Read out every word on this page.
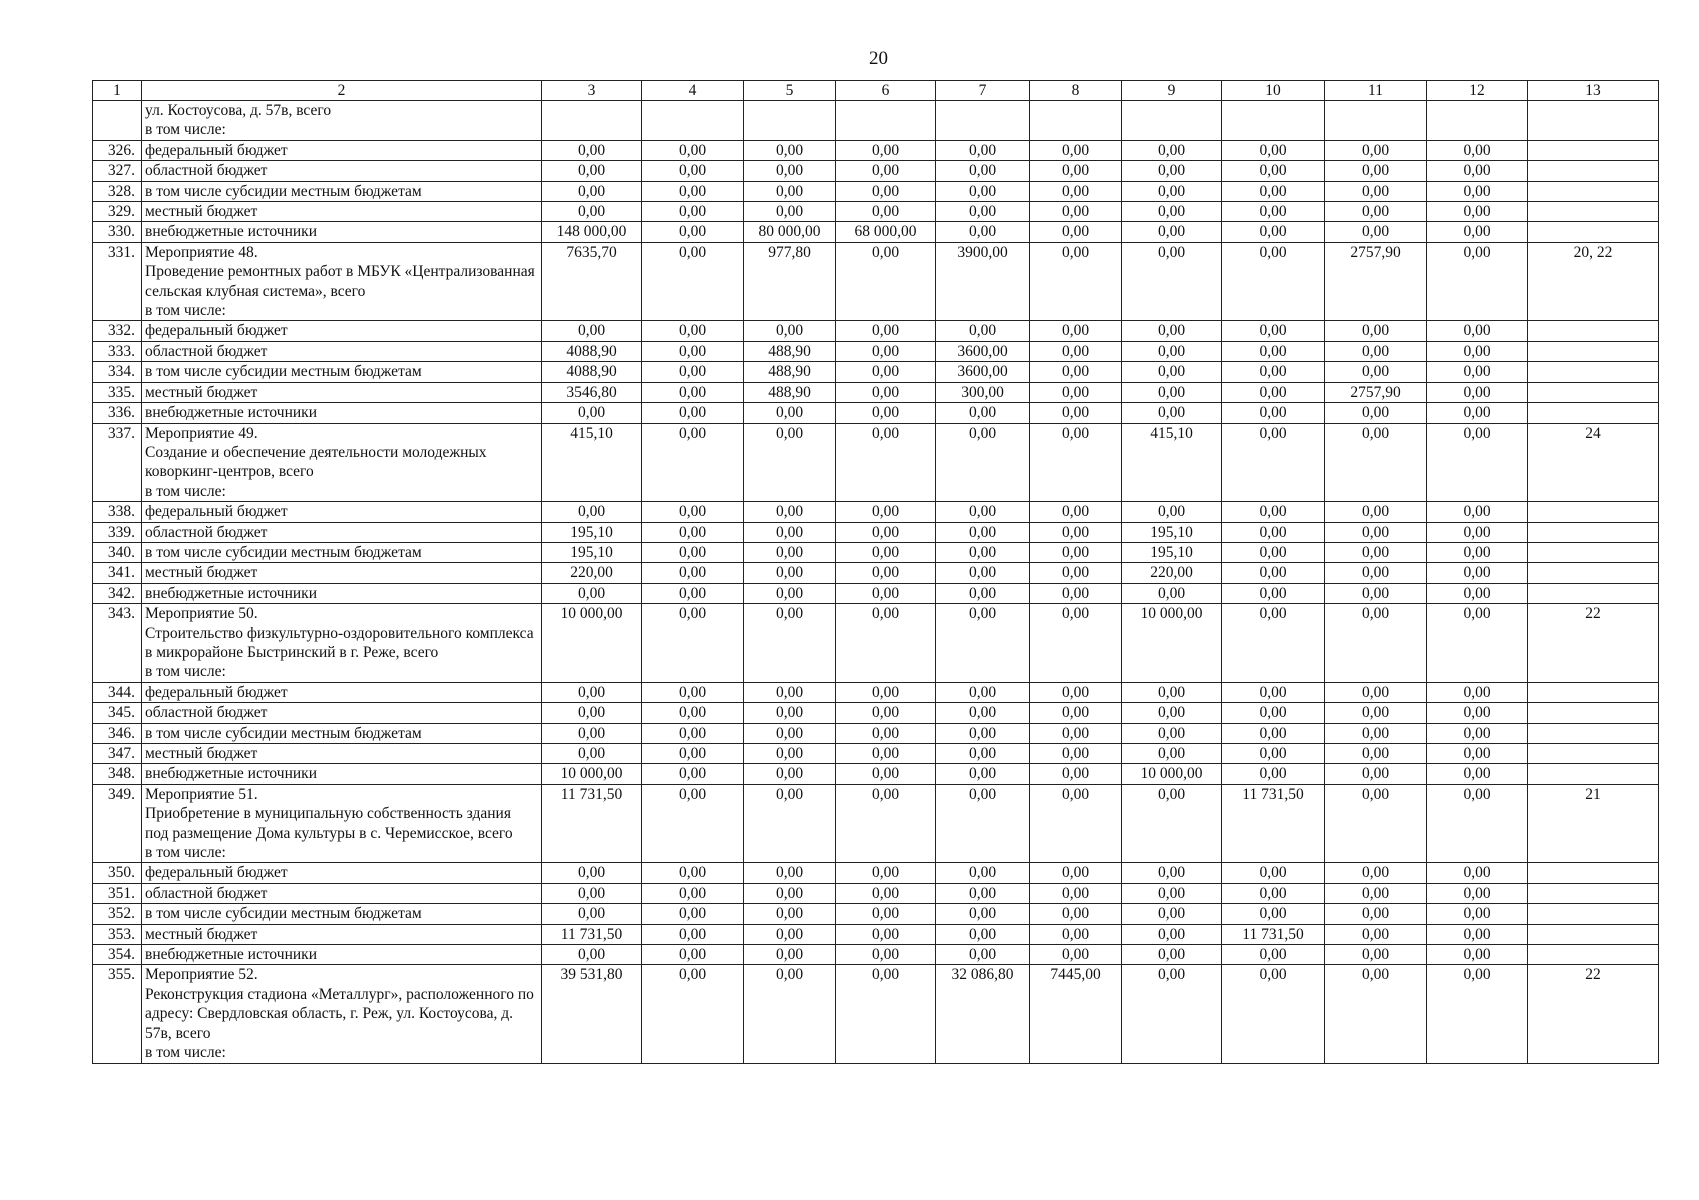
20
1	2	3	4	5	6	7	8	9	10	11	12	13
	ул. Костоусова, д. 57в, всего
в том числе:											
326.	федеральный бюджет	0,00	0,00	0,00	0,00	0,00	0,00	0,00	0,00	0,00	0,00	
327.	областной бюджет	0,00	0,00	0,00	0,00	0,00	0,00	0,00	0,00	0,00	0,00	
328.	в том числе субсидии местным бюджетам	0,00	0,00	0,00	0,00	0,00	0,00	0,00	0,00	0,00	0,00	
329.	местный бюджет	0,00	0,00	0,00	0,00	0,00	0,00	0,00	0,00	0,00	0,00	
330.	внебюджетные источники	148 000,00	0,00	80 000,00	68 000,00	0,00	0,00	0,00	0,00	0,00	0,00	
331.	Мероприятие 48.
Проведение ремонтных работ в МБУК «Централизованная сельская клубная система», всего
в том числе:	7635,70	0,00	977,80	0,00	3900,00	0,00	0,00	0,00	2757,90	0,00	20, 22
332.	федеральный бюджет	0,00	0,00	0,00	0,00	0,00	0,00	0,00	0,00	0,00	0,00	
333.	областной бюджет	4088,90	0,00	488,90	0,00	3600,00	0,00	0,00	0,00	0,00	0,00	
334.	в том числе субсидии местным бюджетам	4088,90	0,00	488,90	0,00	3600,00	0,00	0,00	0,00	0,00	0,00	
335.	местный бюджет	3546,80	0,00	488,90	0,00	300,00	0,00	0,00	0,00	2757,90	0,00	
336.	внебюджетные источники	0,00	0,00	0,00	0,00	0,00	0,00	0,00	0,00	0,00	0,00	
337.	Мероприятие 49.
Создание и обеспечение деятельности молодежных коворкинг-центров, всего
в том числе:	415,10	0,00	0,00	0,00	0,00	0,00	415,10	0,00	0,00	0,00	24
338.	федеральный бюджет	0,00	0,00	0,00	0,00	0,00	0,00	0,00	0,00	0,00	0,00	
339.	областной бюджет	195,10	0,00	0,00	0,00	0,00	0,00	195,10	0,00	0,00	0,00	
340.	в том числе субсидии местным бюджетам	195,10	0,00	0,00	0,00	0,00	0,00	195,10	0,00	0,00	0,00	
341.	местный бюджет	220,00	0,00	0,00	0,00	0,00	0,00	220,00	0,00	0,00	0,00	
342.	внебюджетные источники	0,00	0,00	0,00	0,00	0,00	0,00	0,00	0,00	0,00	0,00	
343.	Мероприятие 50.
Строительство физкультурно-оздоровительного комплекса в микрорайоне Быстринский в г. Реже, всего
в том числе:	10 000,00	0,00	0,00	0,00	0,00	0,00	10 000,00	0,00	0,00	0,00	22
344.	федеральный бюджет	0,00	0,00	0,00	0,00	0,00	0,00	0,00	0,00	0,00	0,00	
345.	областной бюджет	0,00	0,00	0,00	0,00	0,00	0,00	0,00	0,00	0,00	0,00	
346.	в том числе субсидии местным бюджетам	0,00	0,00	0,00	0,00	0,00	0,00	0,00	0,00	0,00	0,00	
347.	местный бюджет	0,00	0,00	0,00	0,00	0,00	0,00	0,00	0,00	0,00	0,00	
348.	внебюджетные источники	10 000,00	0,00	0,00	0,00	0,00	0,00	10 000,00	0,00	0,00	0,00	
349.	Мероприятие 51.
Приобретение в муниципальную собственность здания под размещение Дома культуры в с. Черемисское, всего
в том числе:	11 731,50	0,00	0,00	0,00	0,00	0,00	0,00	11 731,50	0,00	0,00	21
350.	федеральный бюджет	0,00	0,00	0,00	0,00	0,00	0,00	0,00	0,00	0,00	0,00	
351.	областной бюджет	0,00	0,00	0,00	0,00	0,00	0,00	0,00	0,00	0,00	0,00	
352.	в том числе субсидии местным бюджетам	0,00	0,00	0,00	0,00	0,00	0,00	0,00	0,00	0,00	0,00	
353.	местный бюджет	11 731,50	0,00	0,00	0,00	0,00	0,00	0,00	11 731,50	0,00	0,00	
354.	внебюджетные источники	0,00	0,00	0,00	0,00	0,00	0,00	0,00	0,00	0,00	0,00	
355.	Мероприятие 52.
Реконструкция стадиона «Металлург», расположенного по адресу: Свердловская область, г. Реж, ул. Костоусова, д. 57в, всего
в том числе:	39 531,80	0,00	0,00	0,00	32 086,80	7445,00	0,00	0,00	0,00	0,00	22
